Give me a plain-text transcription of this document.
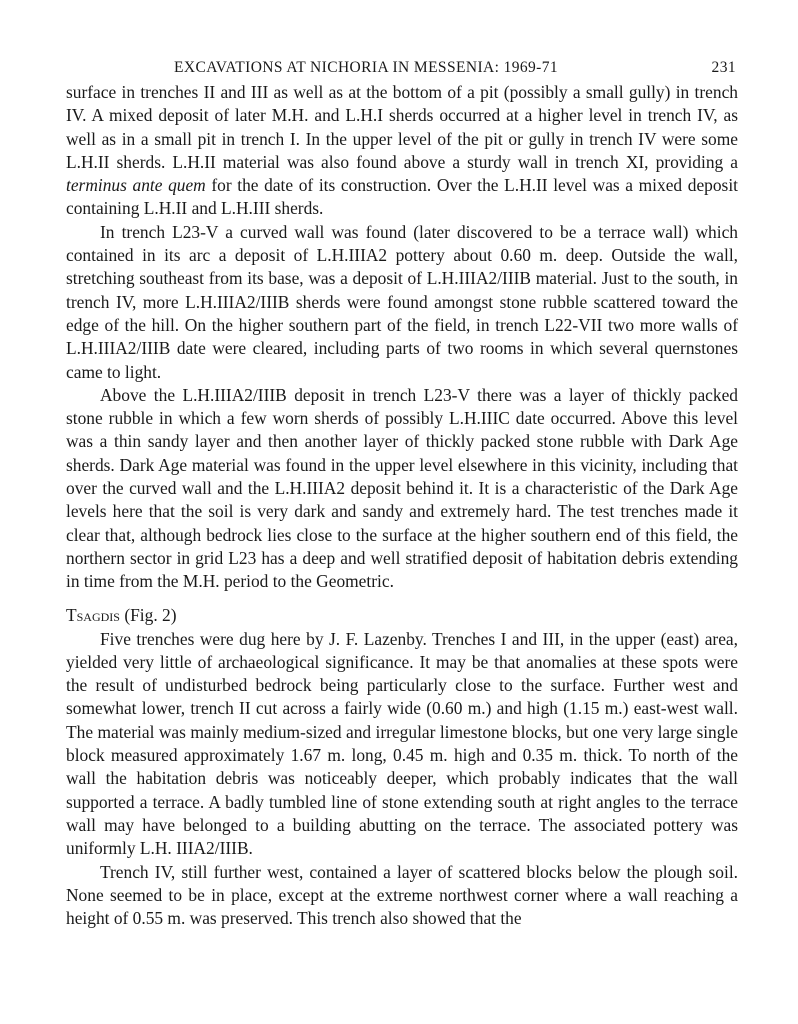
EXCAVATIONS AT NICHORIA IN MESSENIA: 1969-71	231

surface in trenches II and III as well as at the bottom of a pit (possibly a small gully) in trench IV. A mixed deposit of later M.H. and L.H.I sherds occurred at a higher level in trench IV, as well as in a small pit in trench I. In the upper level of the pit or gully in trench IV were some L.H.II sherds. L.H.II material was also found above a sturdy wall in trench XI, providing a terminus ante quem for the date of its construction. Over the L.H.II level was a mixed deposit containing L.H.II and L.H.III sherds.

In trench L23-V a curved wall was found (later discovered to be a terrace wall) which contained in its arc a deposit of L.H.IIIA2 pottery about 0.60 m. deep. Outside the wall, stretching southeast from its base, was a deposit of L.H.IIIA2/IIIB material. Just to the south, in trench IV, more L.H.IIIA2/IIIB sherds were found amongst stone rubble scattered toward the edge of the hill. On the higher southern part of the field, in trench L22-VII two more walls of L.H.IIIA2/IIIB date were cleared, including parts of two rooms in which several quernstones came to light.

Above the L.H.IIIA2/IIIB deposit in trench L23-V there was a layer of thickly packed stone rubble in which a few worn sherds of possibly L.H.IIIC date occurred. Above this level was a thin sandy layer and then another layer of thickly packed stone rubble with Dark Age sherds. Dark Age material was found in the upper level elsewhere in this vicinity, including that over the curved wall and the L.H.IIIA2 deposit behind it. It is a characteristic of the Dark Age levels here that the soil is very dark and sandy and extremely hard. The test trenches made it clear that, although bedrock lies close to the surface at the higher southern end of this field, the northern sector in grid L23 has a deep and well stratified deposit of habitation debris extending in time from the M.H. period to the Geometric.

Tsagdis (Fig. 2)

Five trenches were dug here by J. F. Lazenby. Trenches I and III, in the upper (east) area, yielded very little of archaeological significance. It may be that anomalies at these spots were the result of undisturbed bedrock being particularly close to the surface. Further west and somewhat lower, trench II cut across a fairly wide (0.60 m.) and high (1.15 m.) east-west wall. The material was mainly medium-sized and irregular limestone blocks, but one very large single block measured approximately 1.67 m. long, 0.45 m. high and 0.35 m. thick. To north of the wall the habitation debris was noticeably deeper, which probably indicates that the wall supported a terrace. A badly tumbled line of stone extending south at right angles to the terrace wall may have belonged to a building abutting on the terrace. The associated pottery was uniformly L.H. IIIA2/IIIB.

Trench IV, still further west, contained a layer of scattered blocks below the plough soil. None seemed to be in place, except at the extreme northwest corner where a wall reaching a height of 0.55 m. was preserved. This trench also showed that the
